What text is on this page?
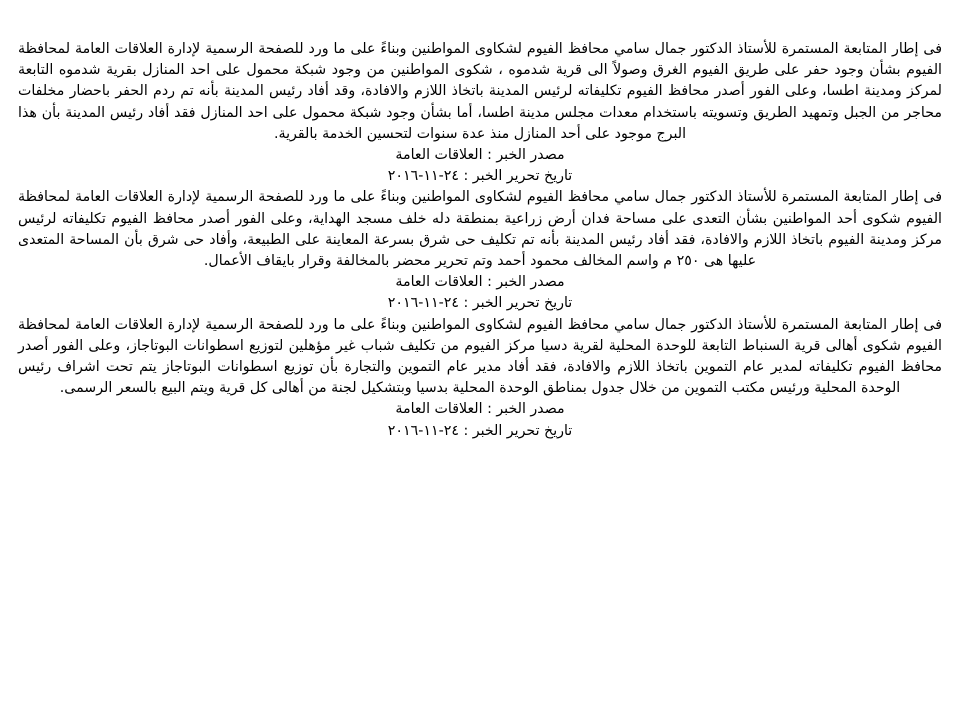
فى إطار المتابعة المستمرة للأستاذ الدكتور جمال سامي محافظ الفيوم لشكاوى المواطنين وبناءً على ما ورد للصفحة الرسمية لإدارة العلاقات العامة لمحافظة الفيوم بشأن وجود حفر على طريق الفيوم الغرق وصولاً الى قرية شدموه ، شكوى المواطنين من وجود شبكة محمول على احد المنازل بقرية شدموه التابعة لمركز ومدينة اطسا، وعلى الفور أصدر محافظ الفيوم تكليفاته لرئيس المدينة باتخاذ اللازم والافادة، وقد أفاد رئيس المدينة بأنه تم ردم الحفر باحضار مخلفات محاجر من الجبل وتمهيد الطريق وتسويته باستخدام معدات مجلس مدينة اطسا، أما بشأن وجود شبكة محمول على احد المنازل فقد أفاد رئيس المدينة بأن هذا البرج موجود على أحد المنازل منذ عدة سنوات لتحسين الخدمة بالقرية.

مصدر الخبر : العلاقات العامة

تاريخ تحرير الخبر : ٢٤-١١-٢٠١٦

فى إطار المتابعة المستمرة للأستاذ الدكتور جمال سامي محافظ الفيوم لشكاوى المواطنين وبناءً على ما ورد للصفحة الرسمية لإدارة العلاقات العامة لمحافظة الفيوم شكوى أحد المواطنين بشأن التعدى على مساحة فدان أرض زراعية بمنطقة دله خلف مسجد الهداية، وعلى الفور أصدر محافظ الفيوم تكليفاته لرئيس مركز ومدينة الفيوم باتخاذ اللازم والافادة، فقد أفاد رئيس المدينة بأنه تم تكليف حى شرق بسرعة المعاينة على الطبيعة، وأفاد حى شرق بأن المساحة المتعدى عليها هى ٢٥٠ م واسم المخالف محمود أحمد وتم تحرير محضر بالمخالفة وقرار بايقاف الأعمال.

مصدر الخبر : العلاقات العامة

تاريخ تحرير الخبر : ٢٤-١١-٢٠١٦

فى إطار المتابعة المستمرة للأستاذ الدكتور جمال سامي محافظ الفيوم لشكاوى المواطنين وبناءً على ما ورد للصفحة الرسمية لإدارة العلاقات العامة لمحافظة الفيوم شكوى أهالى قرية السنباط التابعة للوحدة المحلية لقرية دسيا مركز الفيوم من تكليف شباب غير مؤهلين لتوزيع اسطوانات البوتاجاز، وعلى الفور أصدر محافظ الفيوم تكليفاته لمدير عام التموين باتخاذ اللازم والافادة، فقد أفاد مدير عام التموين والتجارة بأن توزيع اسطوانات البوتاجاز يتم تحت اشراف رئيس الوحدة المحلية ورئيس مكتب التموين من خلال جدول بمناطق الوحدة المحلية بدسيا وبتشكيل لجنة من أهالى كل قرية ويتم البيع بالسعر الرسمى.

مصدر الخبر : العلاقات العامة

تاريخ تحرير الخبر : ٢٤-١١-٢٠١٦
